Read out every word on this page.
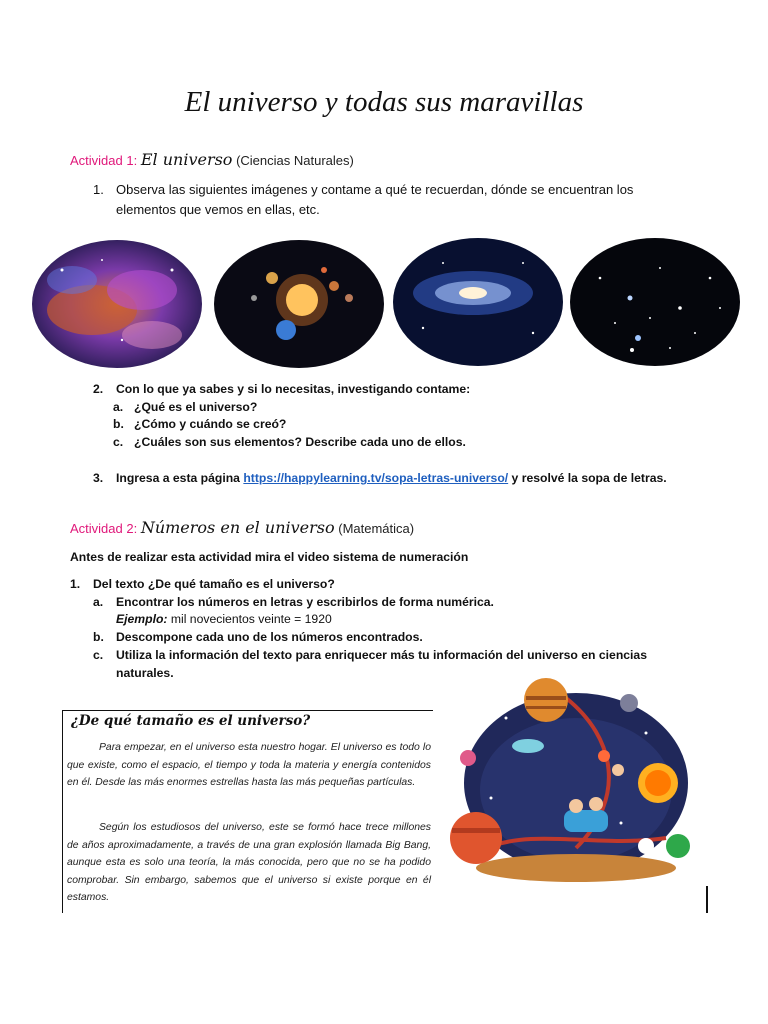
El universo y todas sus maravillas
Actividad 1: El universo (Ciencias Naturales)
1. Observa las siguientes imágenes y contame a qué te recuerdan, dónde se encuentran los elementos que vemos en ellas, etc.
2. Con lo que ya sabes y si lo necesitas, investigando contame:
a. ¿Qué es el universo?
b. ¿Cómo y cuándo se creó?
c. ¿Cuáles son sus elementos? Describe cada uno de ellos.
3. Ingresa a esta página https://happylearning.tv/sopa-letras-universo/ y resolvé la sopa de letras.
Actividad 2: Números en el universo (Matemática)
Antes de realizar esta actividad mira el video sistema de numeración
1. Del texto ¿De qué tamaño es el universo?
a. Encontrar los números en letras y escribirlos de forma numérica.
Ejemplo: mil novecientos veinte = 1920
b. Descompone cada uno de los números encontrados.
c. Utiliza la información del texto para enriquecer más tu información del universo en ciencias naturales.
¿De qué tamaño es el universo?
Para empezar, en el universo esta nuestro hogar. El universo es todo lo que existe, como el espacio, el tiempo y toda la materia y energía contenidos en él. Desde las más enormes estrellas hasta las más pequeñas partículas.
Según los estudiosos del universo, este se formó hace trece millones de años aproximadamente, a través de una gran explosión llamada Big Bang, aunque esta es solo una teoría, la más conocida, pero que no se ha podido comprobar. Sin embargo, sabemos que el universo si existe porque en él estamos.
